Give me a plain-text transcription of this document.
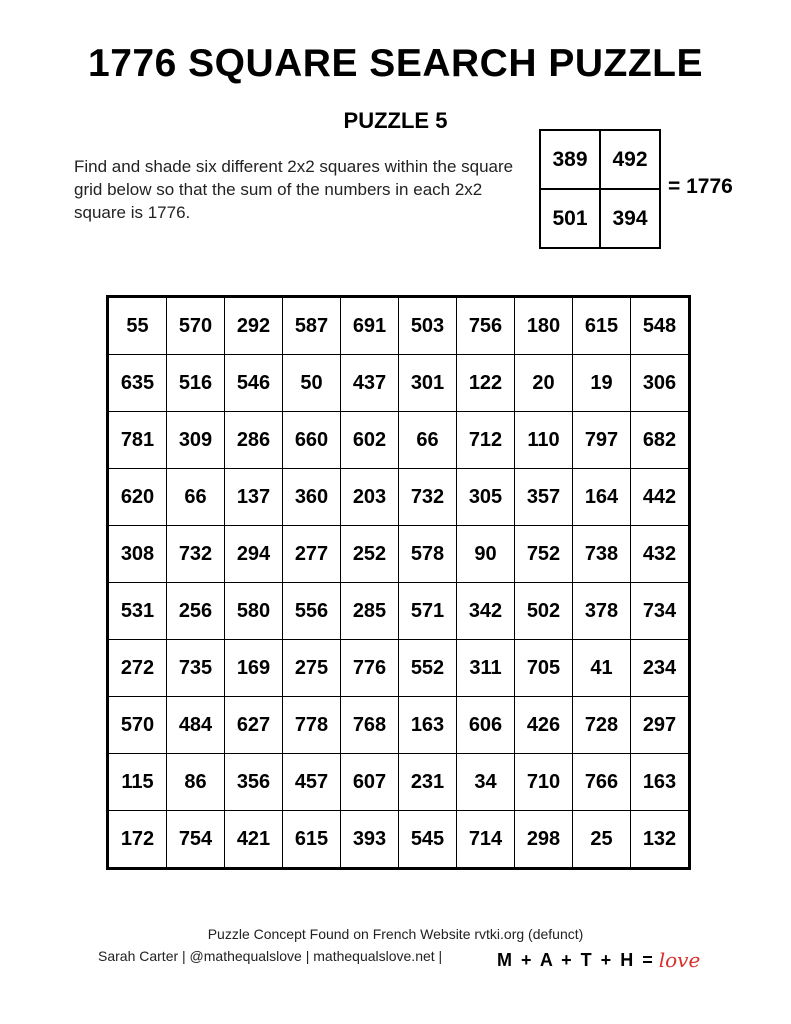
1776 SQUARE SEARCH PUZZLE
PUZZLE 5
Find and shade six different 2x2 squares within the square grid below so that the sum of the numbers in each 2x2 square is 1776.
389	492
501	394
= 1776
55	570	292	587	691	503	756	180	615	548
635	516	546	50	437	301	122	20	19	306
781	309	286	660	602	66	712	110	797	682
620	66	137	360	203	732	305	357	164	442
308	732	294	277	252	578	90	752	738	432
531	256	580	556	285	571	342	502	378	734
272	735	169	275	776	552	311	705	41	234
570	484	627	778	768	163	606	426	728	297
115	86	356	457	607	231	34	710	766	163
172	754	421	615	393	545	714	298	25	132
Puzzle Concept Found on French Website rvtki.org (defunct)
Sarah Carter | @mathequalslove | mathequalslove.net |	M + A + T + H = love
